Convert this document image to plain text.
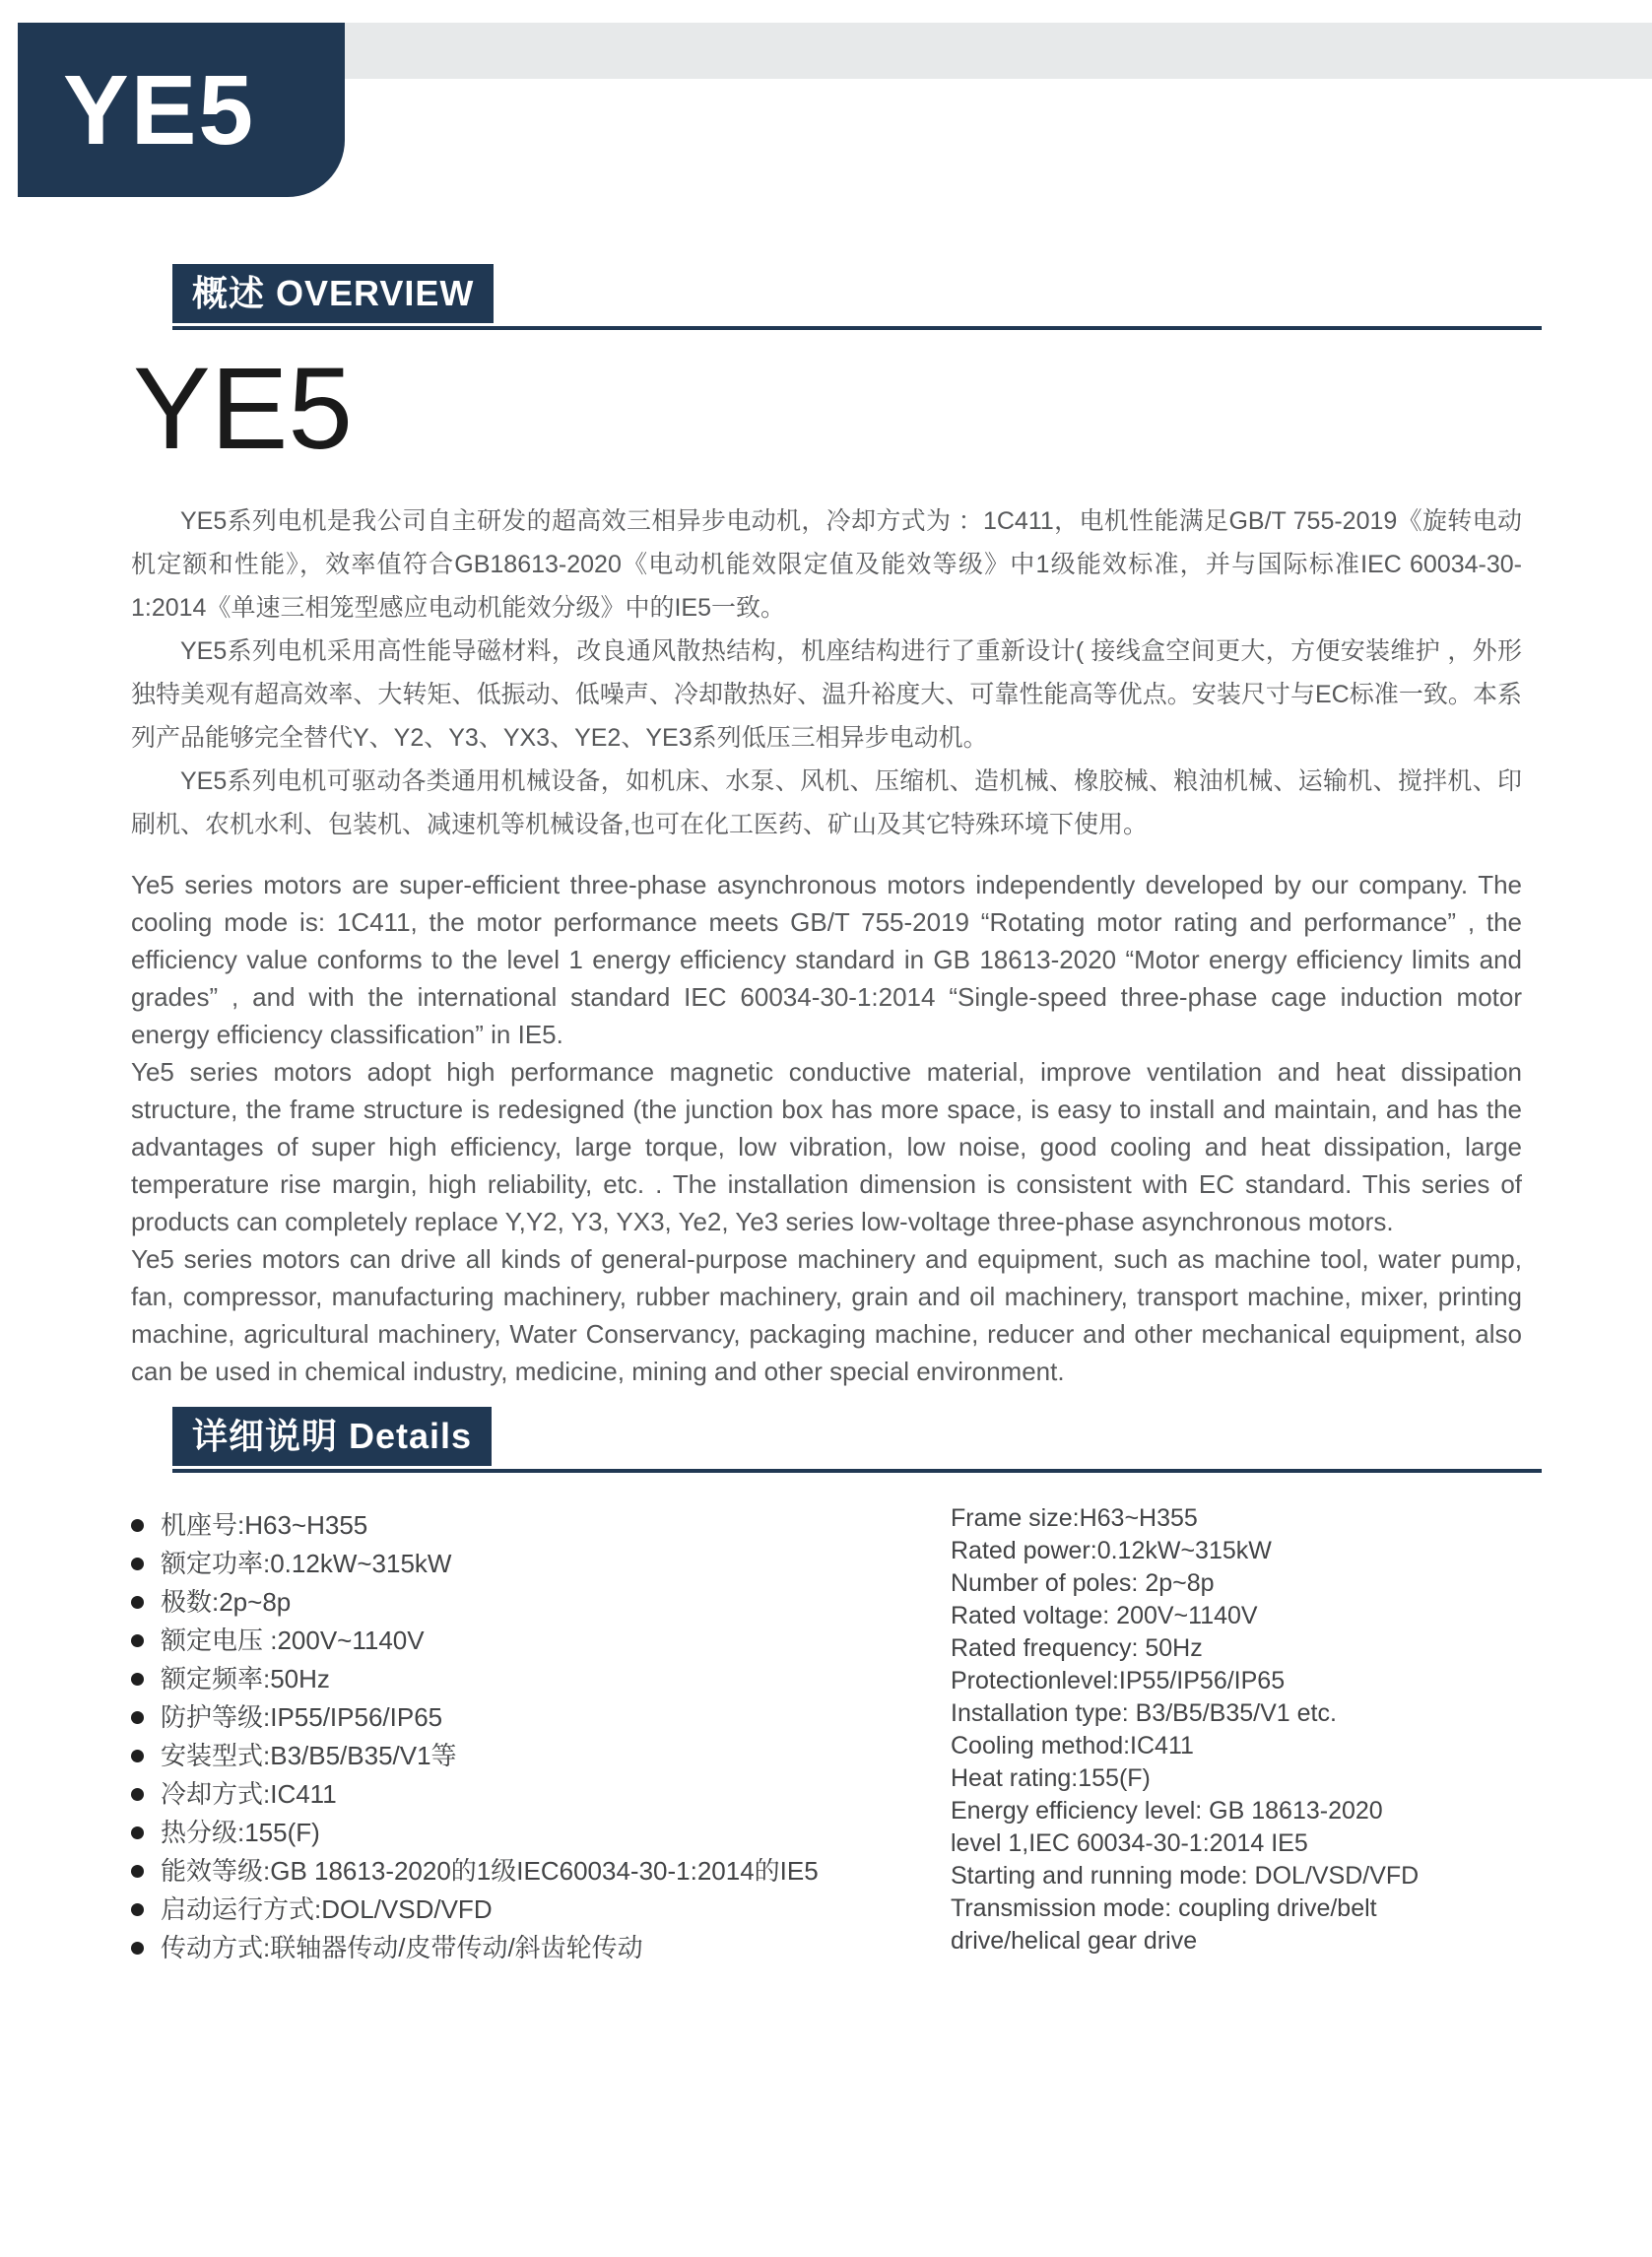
YE5
概述 OVERVIEW
YE5

YE5系列电机是我公司自主研发的超高效三相异步电动机，冷却方式为 ：1C411，电机性能满足GB/T 755-2019《旋转电动机定额和性能》，效率值符合GB18613-2020《电动机能效限定值及能效等级》中1级能效标准，并与国际标准IEC 60034-30-1:2014《单速三相笼型感应电动机能效分级》中的IE5一致。

YE5系列电机采用高性能导磁材料，改良通风散热结构，机座结构进行了重新设计( 接线盒空间更大，方便安装维护 ，外形独特美观有超高效率、大转矩、低振动、低噪声、冷却散热好、温升裕度大、可靠性能高等优点。安装尺寸与EC标准一致。本系列产品能够完全替代Y、Y2、Y3、YX3、YE2、YE3系列低压三相异步电动机。

YE5系列电机可驱动各类通用机械设备，如机床、水泵、风机、压缩机、造机械、橡胶械、粮油机械、运输机、搅拌机、印刷机、农机水利、包装机、减速机等机械设备,也可在化工医药、矿山及其它特殊环境下使用。

Ye5 series motors are super-efficient three-phase asynchronous motors independently developed by our company. The cooling mode is: 1C411, the motor performance meets GB/T 755-2019 “Rotating motor rating and performance” , the efficiency value conforms to the level 1 energy efficiency standard in GB 18613-2020 “Motor energy efficiency limits and grades” , and with the international standard IEC 60034-30-1:2014 “Single-speed three-phase cage induction motor energy efficiency classification” in IE5.

Ye5 series motors adopt high performance magnetic conductive material, improve ventilation and heat dissipation structure, the frame structure is redesigned (the junction box has more space, is easy to install and maintain, and has the advantages of super high efficiency, large torque, low vibration, low noise, good cooling and heat dissipation, large temperature rise margin, high reliability, etc. . The installation dimension is consistent with EC standard. This series of products can completely replace Y,Y2, Y3, YX3, Ye2, Ye3 series low-voltage three-phase asynchronous motors.

Ye5 series motors can drive all kinds of general-purpose machinery and equipment, such as machine tool, water pump, fan, compressor, manufacturing machinery, rubber machinery, grain and oil machinery, transport machine, mixer, printing machine, agricultural machinery, Water Conservancy, packaging machine, reducer and other mechanical equipment, also can be used in chemical industry, medicine, mining and other special environment.

详细说明 Details
机座号:H63~H355
额定功率:0.12kW~315kW
极数:2p~8p
额定电压 :200V~1140V
额定频率:50Hz
防护等级:IP55/IP56/IP65
安装型式:B3/B5/B35/V1等
冷却方式:IC411
热分级:155(F)
能效等级:GB 18613-2020的1级IEC60034-30-1:2014的IE5
启动运行方式:DOL/VSD/VFD
传动方式:联轴器传动/皮带传动/斜齿轮传动
Frame size:H63~H355
Rated power:0.12kW~315kW
Number of poles: 2p~8p
Rated voltage: 200V~1140V
Rated frequency: 50Hz
Protectionlevel:IP55/IP56/IP65
Installation type: B3/B5/B35/V1 etc.
Cooling method:IC411
Heat rating:155(F)
Energy efficiency level: GB 18613-2020
level 1,IEC 60034-30-1:2014 IE5
Starting and running mode: DOL/VSD/VFD
Transmission mode: coupling drive/belt
drive/helical gear drive
